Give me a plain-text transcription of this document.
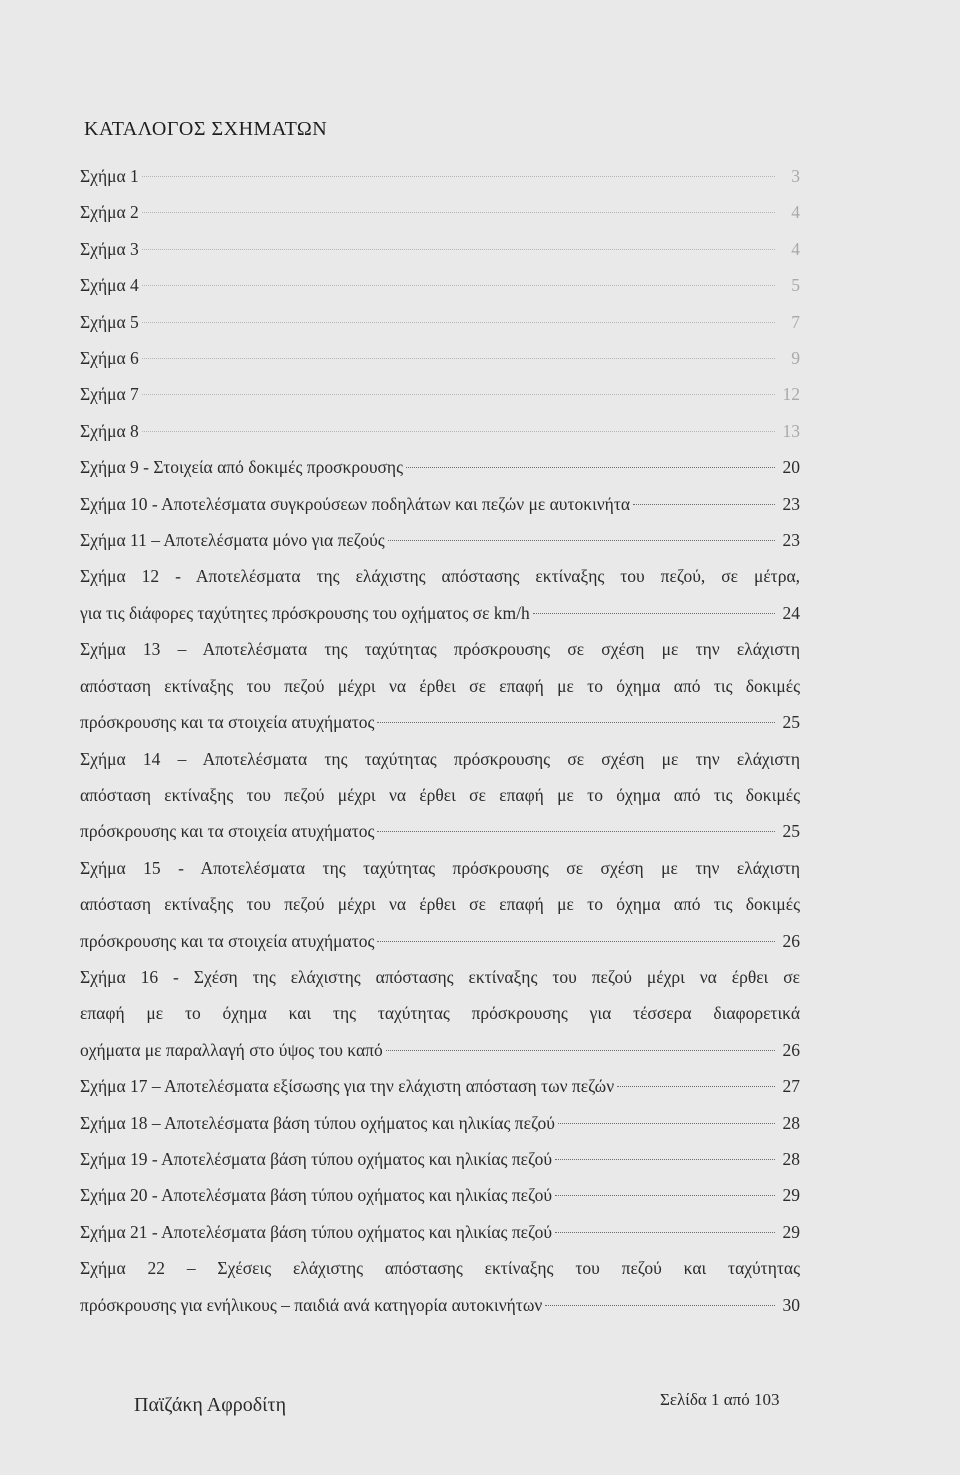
ΚΑΤΑΛΟΓΟΣ ΣΧΗΜΑΤΩΝ
Σχήμα 1	3
Σχήμα 2	4
Σχήμα 3	4
Σχήμα 4	5
Σχήμα 5	7
Σχήμα 6	9
Σχήμα 7	12
Σχήμα 8	13
Σχήμα 9 - Στοιχεία από δοκιμές προσκρουσης	20
Σχήμα 10 - Αποτελέσματα συγκρούσεων ποδηλάτων και πεζών με αυτοκινήτα	23
Σχήμα 11 – Αποτελέσματα μόνο για πεζούς	23
Σχήμα 12 - Αποτελέσματα της ελάχιστης απόστασης εκτίναξης του πεζού, σε μέτρα,
για τις διάφορες ταχύτητες πρόσκρουσης του οχήματος σε km/h	24
Σχήμα 13 – Αποτελέσματα της ταχύτητας πρόσκρουσης σε σχέση με την ελάχιστη
απόσταση εκτίναξης του πεζού μέχρι να έρθει σε επαφή με το όχημα από τις δοκιμές
πρόσκρουσης και τα στοιχεία ατυχήματος	25
Σχήμα 14 – Αποτελέσματα της ταχύτητας πρόσκρουσης σε σχέση με την ελάχιστη
απόσταση εκτίναξης του πεζού μέχρι να έρθει σε επαφή με το όχημα από τις δοκιμές
πρόσκρουσης και τα στοιχεία ατυχήματος	25
Σχήμα 15 - Αποτελέσματα της ταχύτητας πρόσκρουσης σε σχέση με την ελάχιστη
απόσταση εκτίναξης του πεζού μέχρι να έρθει σε επαφή με το όχημα από τις δοκιμές
πρόσκρουσης και τα στοιχεία ατυχήματος	26
Σχήμα 16 - Σχέση της ελάχιστης απόστασης εκτίναξης του πεζού μέχρι να έρθει σε
επαφή με το όχημα και της ταχύτητας πρόσκρουσης για τέσσερα διαφορετικά
οχήματα με παραλλαγή στο ύψος του καπό	26
Σχήμα 17 – Αποτελέσματα εξίσωσης για την ελάχιστη απόσταση των πεζών	27
Σχήμα 18 – Αποτελέσματα βάση τύπου οχήματος και ηλικίας πεζού	28
Σχήμα 19 - Αποτελέσματα βάση τύπου οχήματος και ηλικίας πεζού	28
Σχήμα 20 - Αποτελέσματα βάση τύπου οχήματος και ηλικίας πεζού	29
Σχήμα 21 - Αποτελέσματα βάση τύπου οχήματος και ηλικίας πεζού	29
Σχήμα 22 – Σχέσεις ελάχιστης απόστασης εκτίναξης του πεζού και ταχύτητας
πρόσκρουσης για ενήλικους – παιδιά ανά κατηγορία αυτοκινήτων	30
Παϊζάκη Αφροδίτη	Σελίδα 1 από 103
